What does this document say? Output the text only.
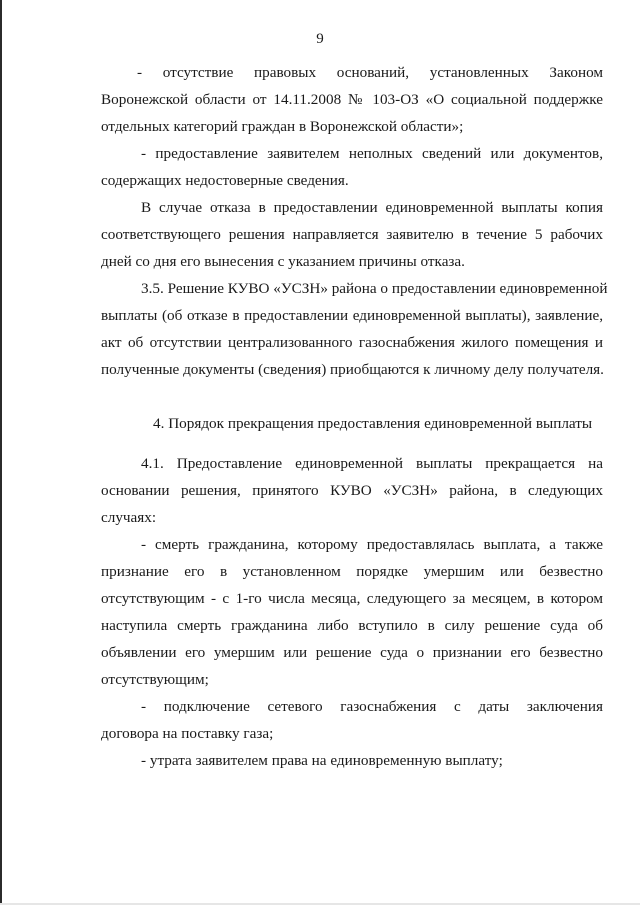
9
- отсутствие правовых оснований, установленных Законом
Воронежской области от 14.11.2008 № 103-ОЗ «О социальной поддержке
отдельных категорий граждан в Воронежской области»;
- предоставление заявителем неполных сведений или документов,
содержащих недостоверные сведения.
В случае отказа в предоставлении единовременной выплаты копия
соответствующего решения направляется заявителю в течение 5 рабочих
дней со дня его вынесения с указанием причины отказа.
3.5. Решение КУВО «УСЗН» района о предоставлении единовременной
выплаты (об отказе в предоставлении единовременной выплаты), заявление,
акт об отсутствии централизованного газоснабжения жилого помещения и
полученные документы (сведения) приобщаются к личному делу получателя.
4. Порядок прекращения предоставления единовременной выплаты
4.1. Предоставление единовременной выплаты прекращается на
основании решения, принятого КУВО «УСЗН» района, в следующих
случаях:
- смерть гражданина, которому предоставлялась выплата, а также
признание его в установленном порядке умершим или безвестно
отсутствующим - с 1-го числа месяца, следующего за месяцем, в котором
наступила смерть гражданина либо вступило в силу решение суда об
объявлении его умершим или решение суда о признании его безвестно
отсутствующим;
- подключение сетевого газоснабжения с даты заключения
договора на поставку газа;
- утрата заявителем права на единовременную выплату;
